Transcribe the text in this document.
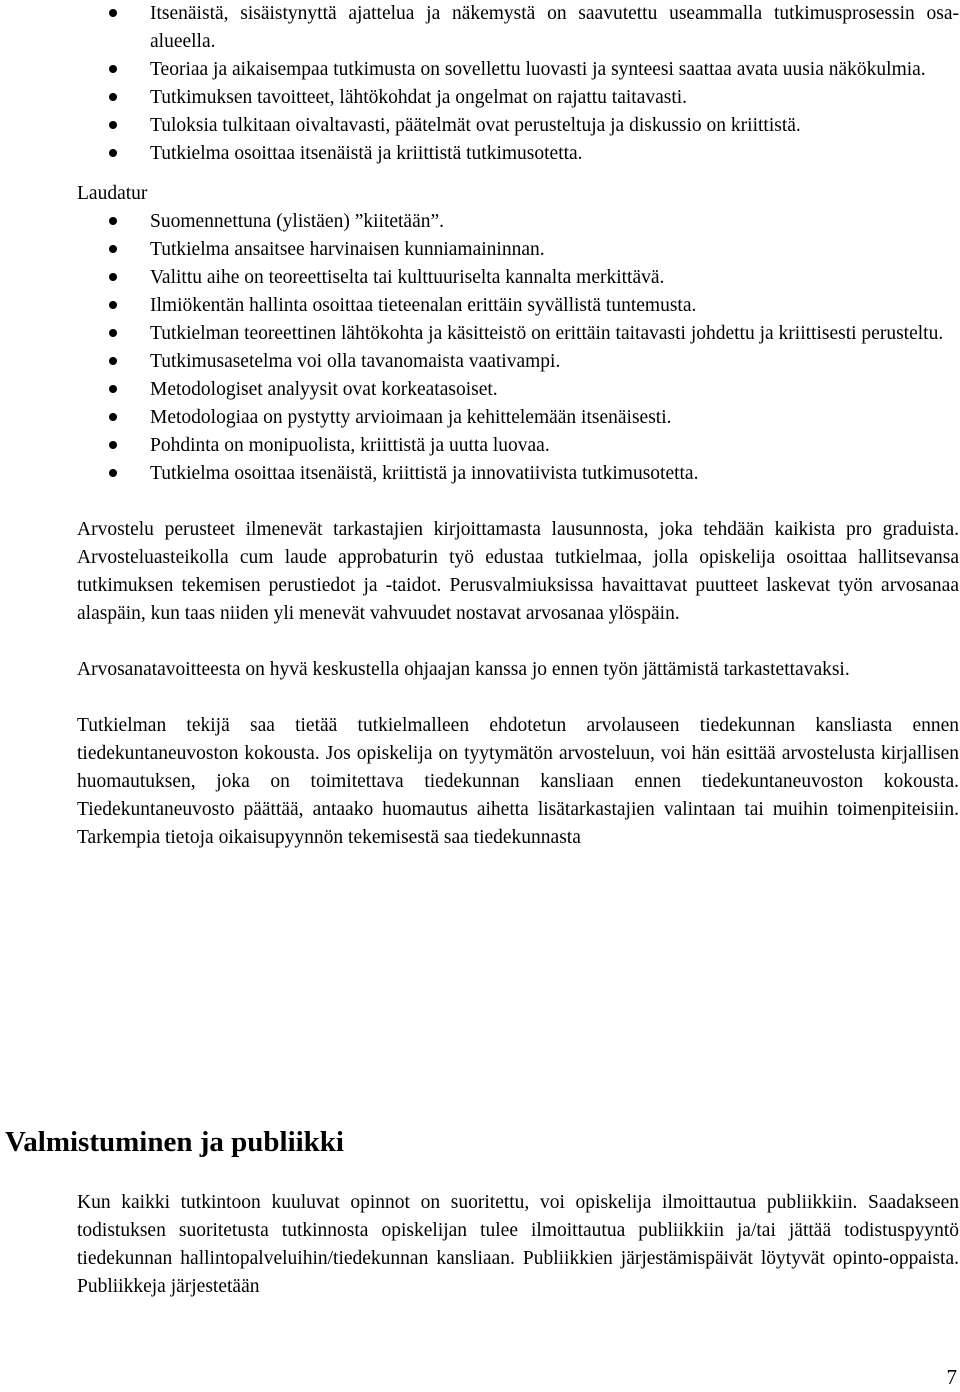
Itsenäistä, sisäistynyttä ajattelua ja näkemystä on saavutettu useammalla tutkimusprosessin osa-alueella.
Teoriaa ja aikaisempaa tutkimusta on sovellettu luovasti ja synteesi saattaa avata uusia näkökulmia.
Tutkimuksen tavoitteet, lähtökohdat ja ongelmat on rajattu taitavasti.
Tuloksia tulkitaan oivaltavasti, päätelmät ovat perusteltuja ja diskussio on kriittistä.
Tutkielma osoittaa itsenäistä ja kriittistä tutkimusotetta.
Laudatur
Suomennettuna (ylistäen) ”kiitetään”.
Tutkielma ansaitsee harvinaisen kunniamaininnan.
Valittu aihe on teoreettiselta tai kulttuuriselta kannalta merkittävä.
Ilmiökentän hallinta osoittaa tieteenalan erittäin syvällistä tuntemusta.
Tutkielman teoreettinen lähtökohta ja käsitteistö on erittäin taitavasti johdettu ja kriittisesti perusteltu.
Tutkimusasetelma voi olla tavanomaista vaativampi.
Metodologiset analyysit ovat korkeatasoiset.
Metodologiaa on pystytty arvioimaan ja kehittelemään itsenäisesti.
Pohdinta on monipuolista, kriittistä ja uutta luovaa.
Tutkielma osoittaa itsenäistä, kriittistä ja innovatiivista tutkimusotetta.

Arvostelu perusteet ilmenevät tarkastajien kirjoittamasta lausunnosta, joka tehdään kaikista pro graduista. Arvosteluasteikolla cum laude approbaturin työ edustaa tutkielmaa, jolla opiskelija osoittaa hallitsevansa tutkimuksen tekemisen perustiedot ja -taidot. Perusvalmiuksissa havaittavat puutteet laskevat työn arvosanaa alaspäin, kun taas niiden yli menevät vahvuudet nostavat arvosanaa ylöspäin.

Arvosanatavoitteesta on hyvä keskustella ohjaajan kanssa jo ennen työn jättämistä tarkastettavaksi.

Tutkielman tekijä saa tietää tutkielmalleen ehdotetun arvolauseen tiedekunnan kansliasta ennen tiedekuntaneuvoston kokousta. Jos opiskelija on tyytymätön arvosteluun, voi hän esittää arvostelusta kirjallisen huomautuksen, joka on toimitettava tiedekunnan kansliaan ennen tiedekuntaneuvoston kokousta. Tiedekuntaneuvosto päättää, antaako huomautus aihetta lisätarkastajien valintaan tai muihin toimenpiteisiin. Tarkempia tietoja oikaisupyynnön tekemisestä saa tiedekunnasta

Valmistuminen ja publiikki

Kun kaikki tutkintoon kuuluvat opinnot on suoritettu, voi opiskelija ilmoittautua publiikkiin. Saadakseen todistuksen suoritetusta tutkinnosta opiskelijan tulee ilmoittautua publiikkiin ja/tai jättää todistuspyyntö tiedekunnan hallintopalveluihin/tiedekunnan kansliaan. Publiikkien järjestämispäivät löytyvät opinto-oppaista. Publiikkeja järjestetään

7
